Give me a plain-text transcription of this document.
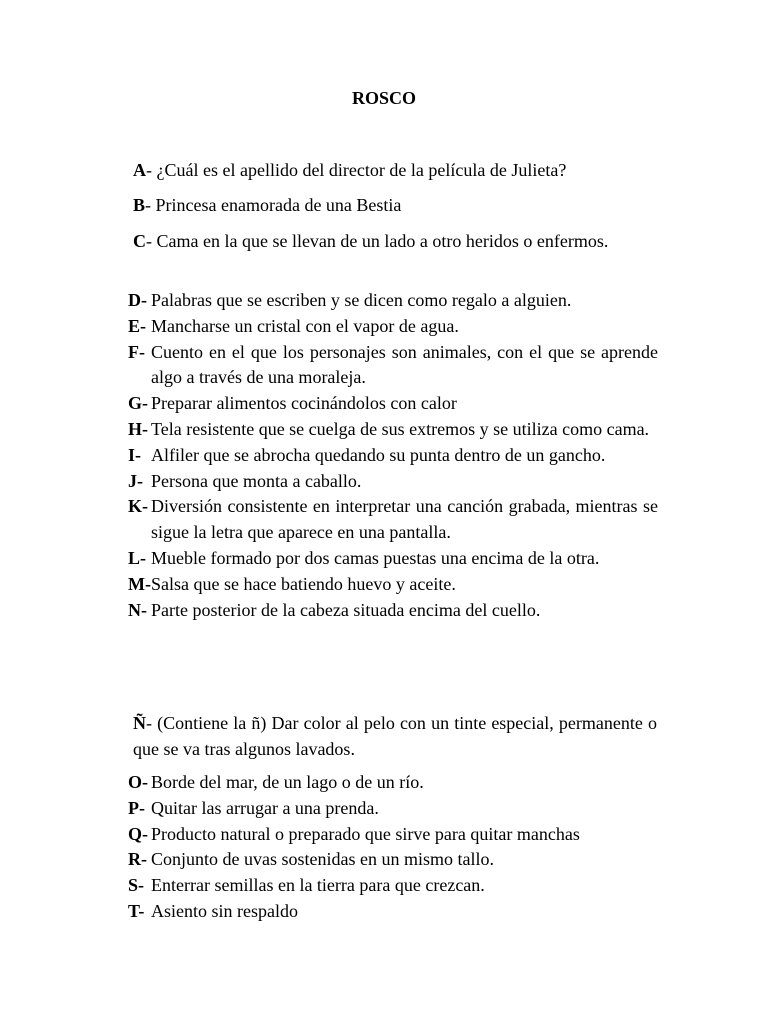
ROSCO
A- ¿Cuál es el apellido del director de la película de Julieta?
B- Princesa enamorada de una Bestia
C- Cama en la que se llevan de un lado a otro heridos o enfermos.
D- Palabras que se escriben y se dicen como regalo a alguien.
E- Mancharse un cristal con el vapor de agua.
F- Cuento en el que los personajes son animales, con el que se aprende algo a través de una moraleja.
G- Preparar alimentos cocinándolos con calor
H- Tela resistente que se cuelga de sus extremos y se utiliza como cama.
I- Alfiler que se abrocha quedando su punta dentro de un gancho.
J- Persona que monta a caballo.
K- Diversión consistente en interpretar una canción grabada, mientras se sigue la letra que aparece en una pantalla.
L- Mueble formado por dos camas puestas una encima de la otra.
M- Salsa que se hace batiendo huevo y aceite.
N- Parte posterior de la cabeza situada encima del cuello.
Ñ- (Contiene la ñ) Dar color al pelo con un tinte especial, permanente o que se va tras algunos lavados.
O- Borde del mar, de un lago o de un río.
P- Quitar las arrugar a una prenda.
Q- Producto natural o preparado que sirve para quitar manchas
R- Conjunto de uvas sostenidas en un mismo tallo.
S- Enterrar semillas en la tierra para que crezcan.
T- Asiento sin respaldo
